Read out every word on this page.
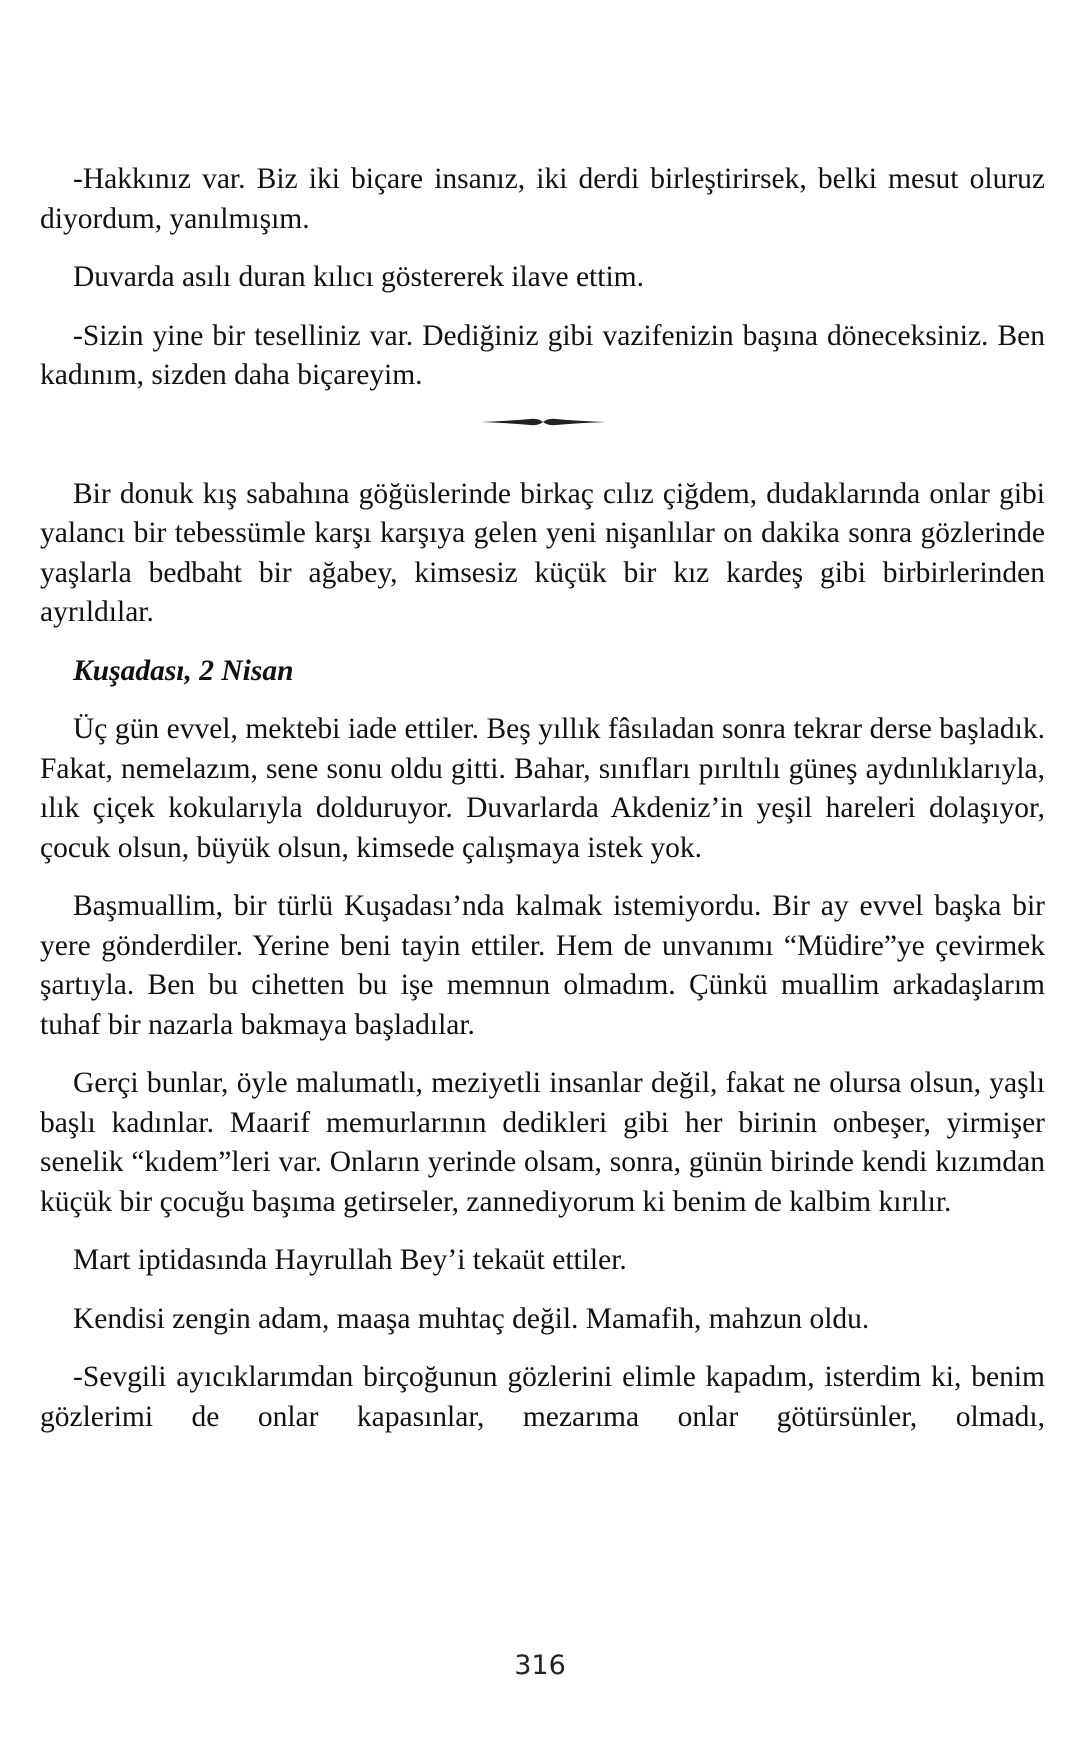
-Hakkınız var. Biz iki biçare insanız, iki derdi birleştirirsek, belki mesut oluruz diyordum, yanılmışım.

Duvarda asılı duran kılıcı göstererek ilave ettim.

-Sizin yine bir teselliniz var. Dediğiniz gibi vazifenizin başına döneceksiniz. Ben kadınım, sizden daha biçareyim.

Bir donuk kış sabahına göğüslerinde birkaç cılız çiğdem, dudaklarında onlar gibi yalancı bir tebessümle karşı karşıya gelen yeni nişanlılar on dakika sonra gözlerinde yaşlarla bedbaht bir ağabey, kimsesiz küçük bir kız kardeş gibi birbirlerinden ayrıldılar.

Kuşadası, 2 Nisan

Üç gün evvel, mektebi iade ettiler. Beş yıllık fâsıladan sonra tekrar derse başladık. Fakat, nemelazım, sene sonu oldu gitti. Bahar, sınıfları pırıltılı güneş aydınlıklarıyla, ılık çiçek kokularıyla dolduruyor. Duvarlarda Akdeniz’in yeşil hareleri dolaşıyor, çocuk olsun, büyük olsun, kimsede çalışmaya istek yok.

Başmuallim, bir türlü Kuşadası’nda kalmak istemiyordu. Bir ay evvel başka bir yere gönderdiler. Yerine beni tayin ettiler. Hem de unvanımı “Müdire”ye çevirmek şartıyla. Ben bu cihetten bu işe memnun olmadım. Çünkü muallim arkadaşlarım tuhaf bir nazarla bakmaya başladılar.

Gerçi bunlar, öyle malumatlı, meziyetli insanlar değil, fakat ne olursa olsun, yaşlı başlı kadınlar. Maarif memurlarının dedikleri gibi her birinin onbeşer, yirmişer senelik “kıdem”leri var. Onların yerinde olsam, sonra, günün birinde kendi kızımdan küçük bir çocuğu başıma getirseler, zannediyorum ki benim de kalbim kırılır.

Mart iptidasında Hayrullah Bey’i tekaüt ettiler.

Kendisi zengin adam, maaşa muhtaç değil. Mamafih, mahzun oldu.

-Sevgili ayıcıklarımdan birçoğunun gözlerini elimle kapadım, isterdim ki, benim gözlerimi de onlar kapasınlar, mezarıma onlar götürsünler, olmadı,

316
